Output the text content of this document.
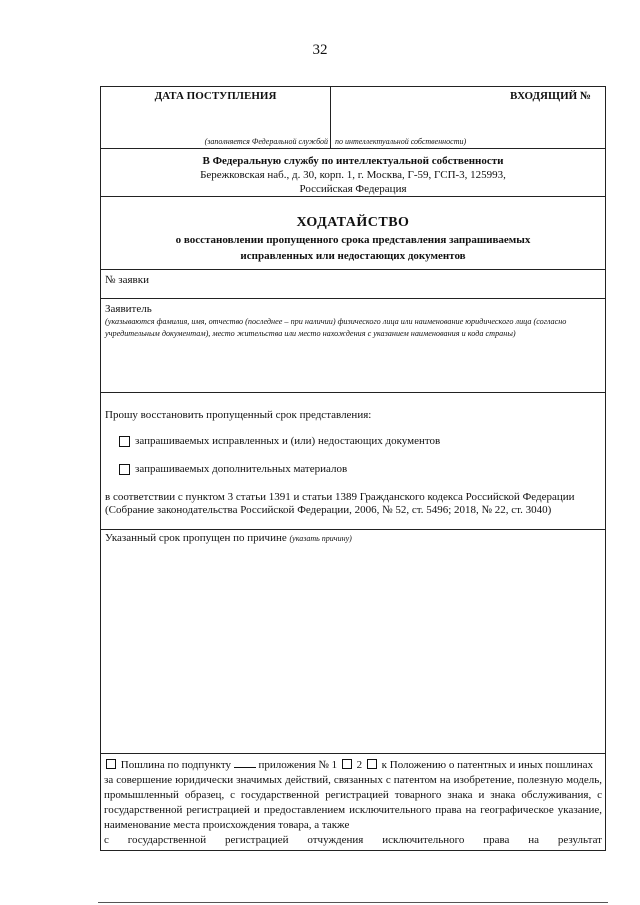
32
ДАТА ПОСТУПЛЕНИЯ
(заполняется Федеральной службой
ВХОДЯЩИЙ №
по интеллектуальной собственности)
В Федеральную службу по интеллектуальной собственности
Бережковская наб., д. 30, корп. 1, г. Москва, Г-59, ГСП-3, 125993,
Российская Федерация
ХОДАТАЙСТВО
о восстановлении пропущенного срока представления запрашиваемых
исправленных или недостающих документов
№ заявки
Заявитель
(указываются фамилия, имя, отчество (последнее – при наличии) физического лица или наименование юридического лица (согласно учредительным документам), место жительства или место нахождения с указанием наименования и кода страны)
Прошу восстановить пропущенный срок представления:
запрашиваемых исправленных и (или) недостающих документов
запрашиваемых дополнительных материалов
в соответствии с пунктом 3 статьи 1391 и статьи 1389 Гражданского кодекса Российской Федерации (Собрание законодательства Российской Федерации, 2006, № 52, ст. 5496; 2018, № 22, ст. 3040)
Указанный срок пропущен по причине (указать причину)
Пошлина по подпункту	приложения № 1 2 к Положению о патентных и иных пошлинах
за совершение юридически значимых действий, связанных с патентом на изобретение, полезную модель, промышленный образец, с государственной регистрацией товарного знака и знака обслуживания, с государственной регистрацией и предоставлением исключительного права на географическое указание, наименование места происхождения товара, а также
с государственной регистрацией отчуждения исключительного права на результат
